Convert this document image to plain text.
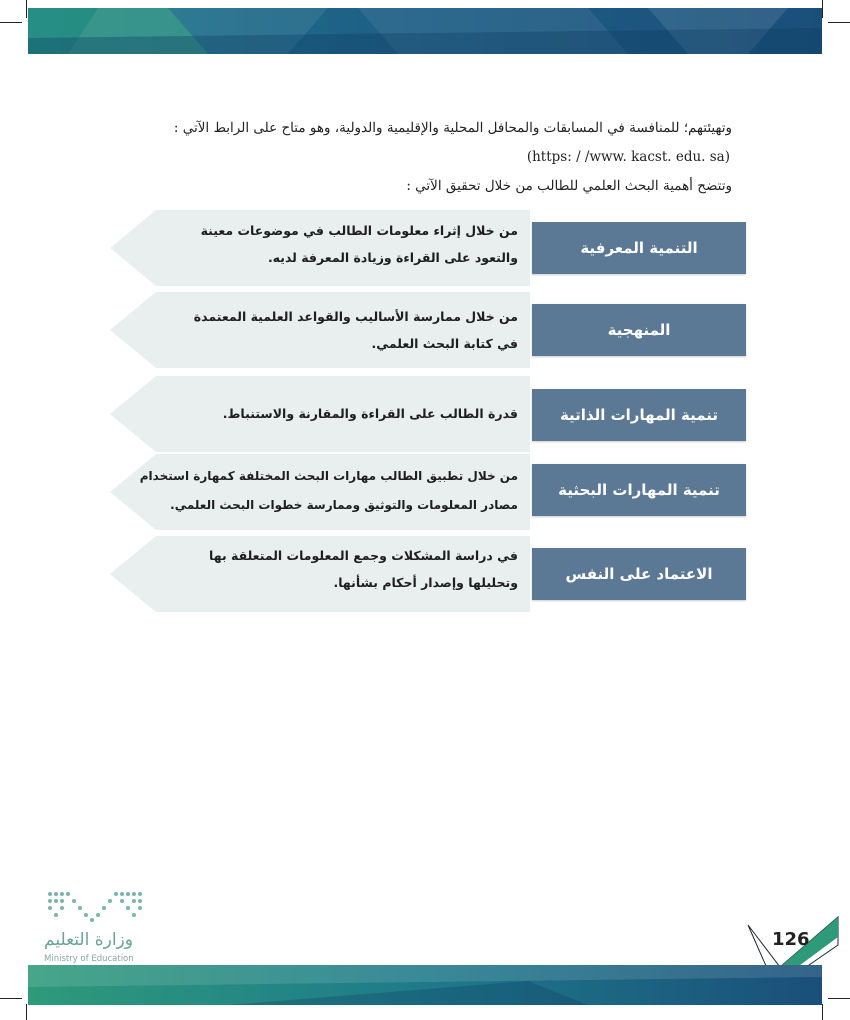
وتهيئتهم؛ للمنافسة في المسابقات والمحافل المحلية والإقليمية والدولية، وهو متاح على الرابط الآتي :
(https: / /www. kacst. edu. sa)
وتتضح أهمية البحث العلمي للطالب من خلال تحقيق الآتي :
التنمية المعرفية
من خلال إثراء معلومات الطالب في موضوعات معينة
والتعود على القراءة وزيادة المعرفة لديه.
المنهجية
من خلال ممارسة الأساليب والقواعد العلمية المعتمدة
في كتابة البحث العلمي.
تنمية المهارات الذاتية
قدرة الطالب على القراءة والمقارنة والاستنباط.
تنمية المهارات البحثية
من خلال تطبيق الطالب مهارات البحث المختلفة كمهارة استخدام
مصادر المعلومات والتوثيق وممارسة خطوات البحث العلمي.
الاعتماد على النفس
في دراسة المشكلات وجمع المعلومات المتعلقة بها
وتحليلها وإصدار أحكام بشأنها.
وزارة التعليم
Ministry of Education
126
